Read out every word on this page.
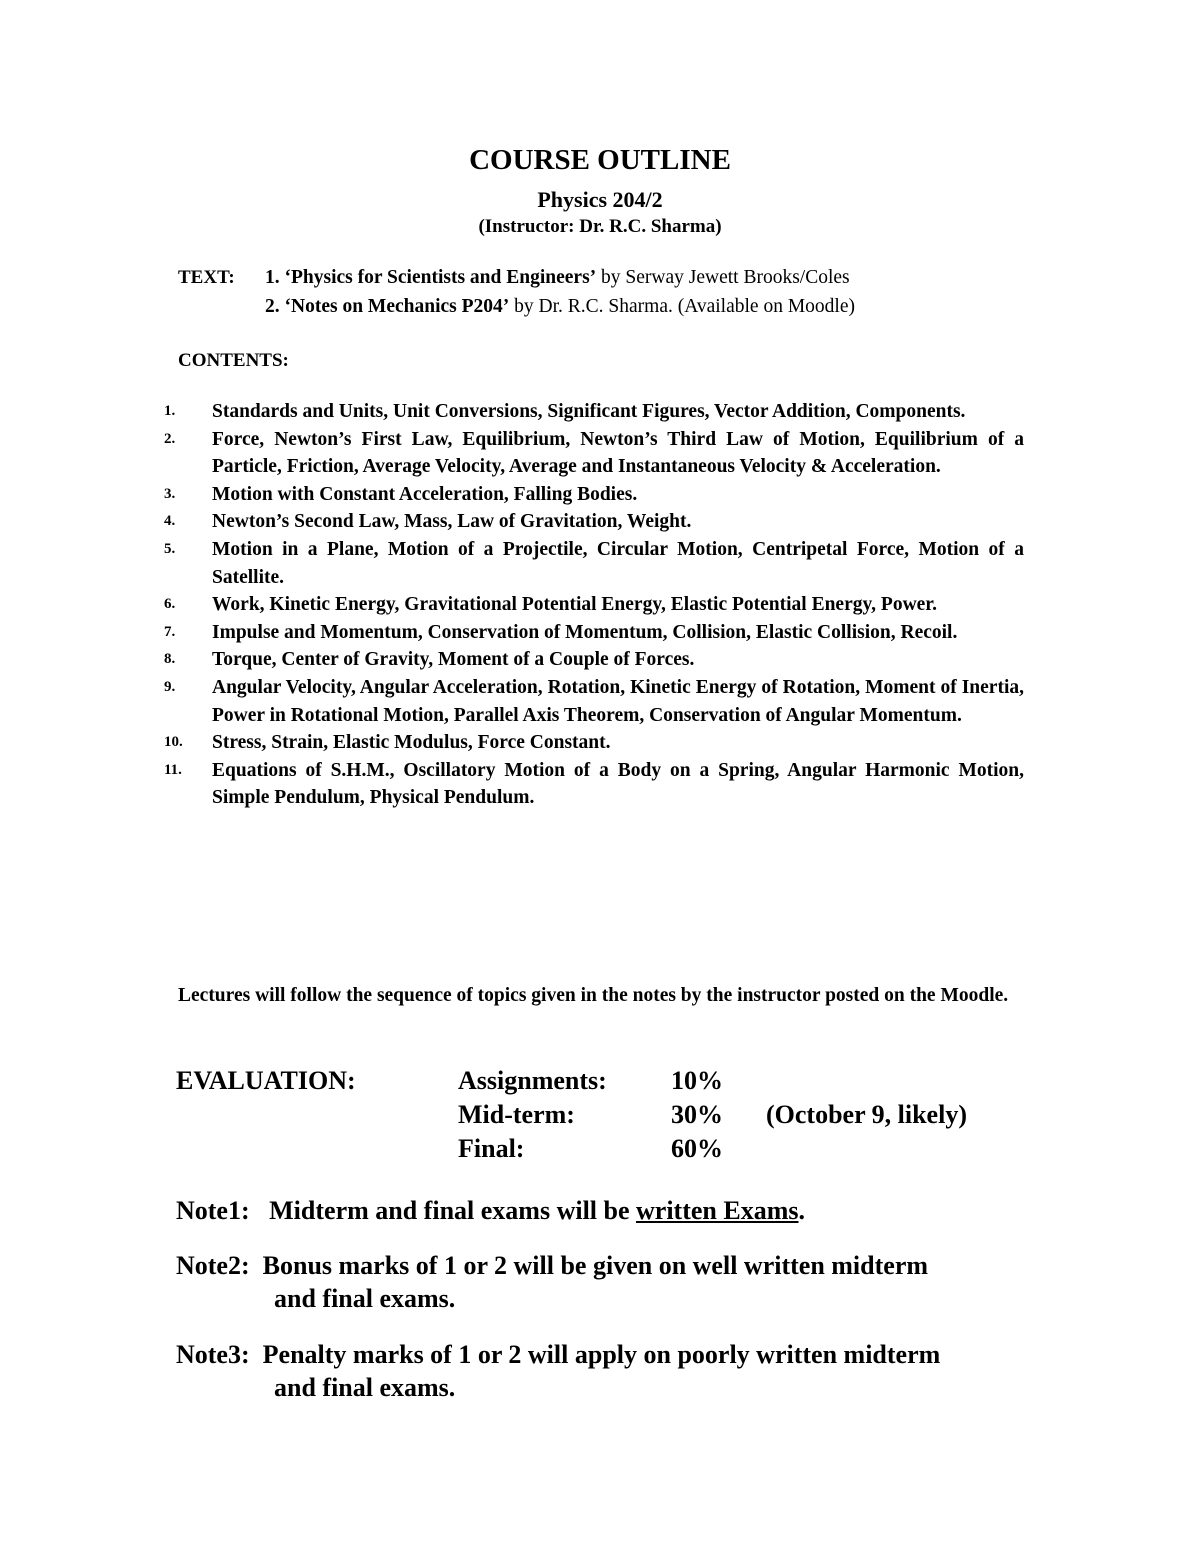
COURSE OUTLINE
Physics 204/2
(Instructor: Dr. R.C. Sharma)
TEXT: 1. ‘Physics for Scientists and Engineers’ by Serway Jewett Brooks/Coles
2. ‘Notes on Mechanics P204’ by Dr. R.C. Sharma. (Available on Moodle)
CONTENTS:
1.	Standards and Units, Unit Conversions, Significant Figures, Vector Addition, Components.
2.	Force, Newton’s First Law, Equilibrium, Newton’s Third Law of Motion, Equilibrium of a Particle, Friction, Average Velocity, Average and Instantaneous Velocity & Acceleration.
3.	Motion with Constant Acceleration, Falling Bodies.
4.	Newton’s Second Law, Mass, Law of Gravitation, Weight.
5.	Motion in a Plane, Motion of a Projectile, Circular Motion, Centripetal Force, Motion of a Satellite.
6.	Work, Kinetic Energy, Gravitational Potential Energy, Elastic Potential Energy, Power.
7.	Impulse and Momentum, Conservation of Momentum, Collision, Elastic Collision, Recoil.
8.	Torque, Center of Gravity, Moment of a Couple of Forces.
9.	Angular Velocity, Angular Acceleration, Rotation, Kinetic Energy of Rotation, Moment of Inertia, Power in Rotational Motion, Parallel Axis Theorem, Conservation of Angular Momentum.
10.	Stress, Strain, Elastic Modulus, Force Constant.
11.	Equations of S.H.M., Oscillatory Motion of a Body on a Spring, Angular Harmonic Motion, Simple Pendulum, Physical Pendulum.
Lectures will follow the sequence of topics given in the notes by the instructor posted on the Moodle.
EVALUATION:	Assignments: 10%
Mid-term:	30% (October 9, likely)
Final:	60%
Note1: Midterm and final exams will be written Exams.
Note2: Bonus marks of 1 or 2 will be given on well written midterm
and final exams.
Note3: Penalty marks of 1 or 2 will apply on poorly written midterm
and final exams.
